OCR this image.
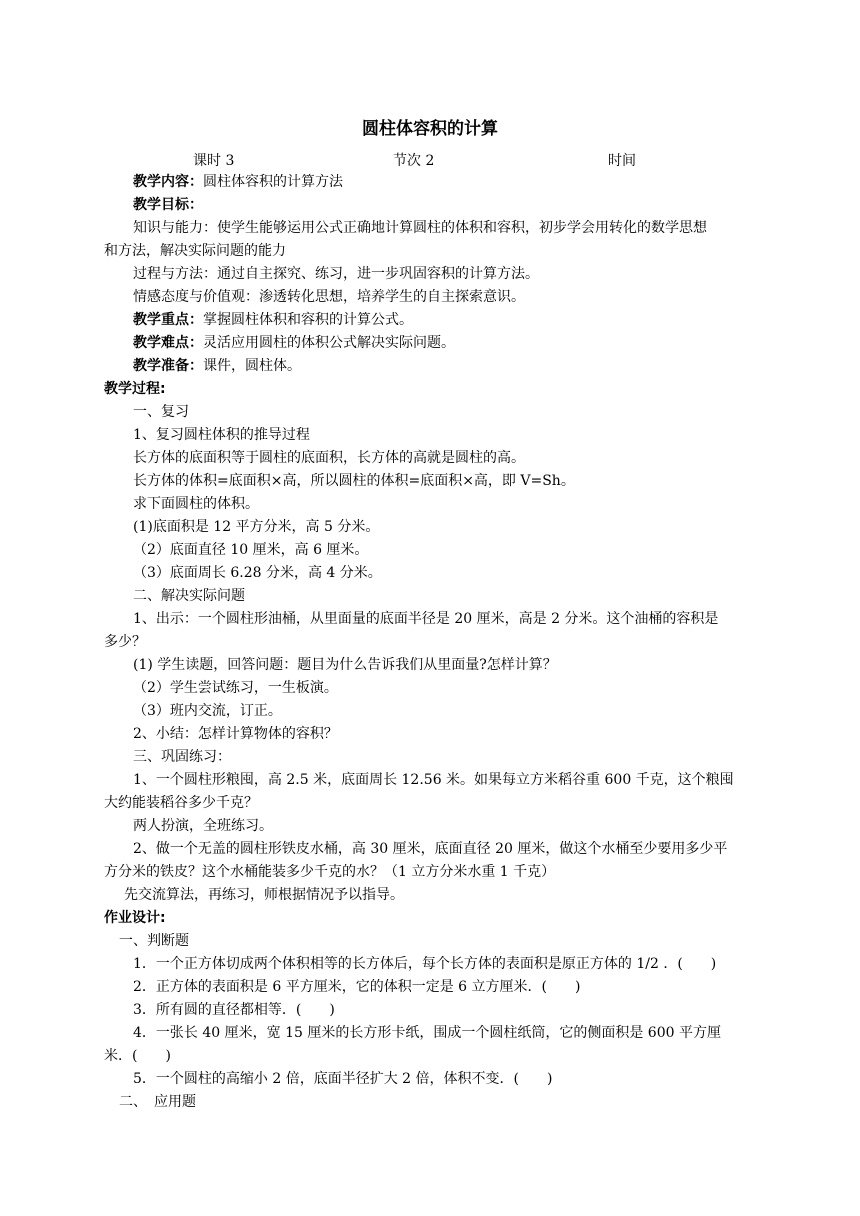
圆柱体容积的计算
课时 3	节次 2	时间
教学内容：圆柱体容积的计算方法
教学目标：
知识与能力：使学生能够运用公式正确地计算圆柱的体积和容积，初步学会用转化的数学思想
和方法，解决实际问题的能力
过程与方法：通过自主探究、练习，进一步巩固容积的计算方法。
情感态度与价值观：渗透转化思想，培养学生的自主探索意识。
教学重点：掌握圆柱体积和容积的计算公式。
教学难点：灵活应用圆柱的体积公式解决实际问题。
教学准备：课件，圆柱体。
教学过程:
一、复习
1、复习圆柱体积的推导过程
长方体的底面积等于圆柱的底面积，长方体的高就是圆柱的高。
长方体的体积=底面积×高，所以圆柱的体积=底面积×高，即 V=Sh。
求下面圆柱的体积。
(1)底面积是 12 平方分米，高 5 分米。
（2）底面直径 10 厘米，高 6 厘米。
（3）底面周长 6.28 分米，高 4 分米。
二、解决实际问题
1、出示：一个圆柱形油桶，从里面量的底面半径是 20 厘米，高是 2 分米。这个油桶的容积是
多少？
(1) 学生读题，回答问题：题目为什么告诉我们从里面量?怎样计算？
（2）学生尝试练习，一生板演。
（3）班内交流，订正。
2、小结：怎样计算物体的容积？
三、巩固练习：
1、一个圆柱形粮囤，高 2.5 米，底面周长 12.56 米。如果每立方米稻谷重 600 千克，这个粮囤
大约能装稻谷多少千克？
两人扮演，全班练习。
2、做一个无盖的圆柱形铁皮水桶，高 30 厘米，底面直径 20 厘米，做这个水桶至少要用多少平
方分米的铁皮？这个水桶能装多少千克的水？（1 立方分米水重 1 千克）
先交流算法，再练习，师根据情况予以指导。
作业设计:
一、判断题
1．一个正方体切成两个体积相等的长方体后，每个长方体的表面积是原正方体的 1/2 ．(　　)
2．正方体的表面积是 6 平方厘米，它的体积一定是 6 立方厘米．(　　)
3．所有圆的直径都相等．(　　)
4．一张长 40 厘米，宽 15 厘米的长方形卡纸，围成一个圆柱纸筒，它的侧面积是 600 平方厘
米．(　　)
5．一个圆柱的高缩小 2 倍，底面半径扩大 2 倍，体积不变．(　　)
二、　应用题
